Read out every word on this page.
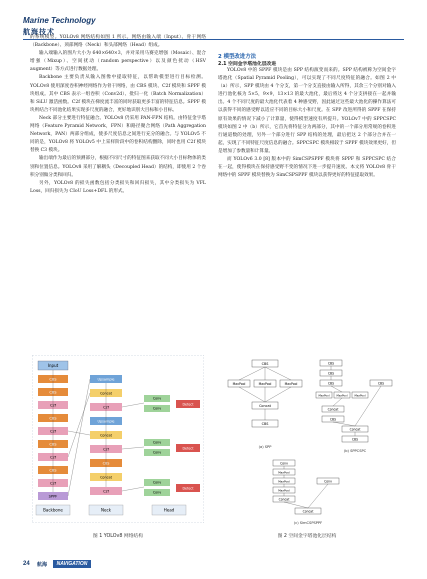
Marine Technology
航海技术

的系统模型。YOLOv8 网络结构如图 1 所示。网络由输入端（Input）、骨干网络（Backbone）、颈部网络（Neck）和头部网络（Head）组成。

输入端输入的图片大小为 640×640×3，并对采用马赛克增强（Mosaic）、混合增强（Mixup）、空间扰动（random perspective）以及颜色扰动（HSV augment）等方式进行数据处理。

Backbone 主要负责从输入图像中提取特征，以帮助模型进行目标检测。YOLOv8 使用深度卷积神经网络作为骨干网络，由 CBS 模块、C2f 模块和 SPPF 模块组成。其中 CBS 表示一组卷积（Conv2d）、批归一化（Batch Normalization）和 SiLU 激活函数。C2f 模块在梯度流丰富的同时获取更多丰富的特征信息。SPPF 模块则结合不同池化结果实现多尺度的融合，更好地识别大目标和小目标。

Neck 部分主要进行特征融合。YOLOv8 仍采用 PAN-FPN 结构。由特征金字塔网络（Feature Pyramid Network，FPN）和路径聚合网络（Path Aggregation Network，PAN）两部分组成，使多尺度信息之间进行充分的融合。与 YOLOv5 不同的是，YOLOv8 将 YOLOv5 中上采样阶段中的卷积结构删除，同时也用 C2f 模块替换 C3 模块。

输出端作为最后的预测部分，根据不同尺寸的特征图来获取不同大小目标物体的类别和位置信息。YOLOv8 采用了解耦头（Decoupled Head）的结构，即使用 2 个卷积分别做分类和回归。

另外，YOLOv8 的损失函数包括分类损失和回归损失，其中分类损失为 VFL Loss，回归损失为 CIoU Loss+DFL 的形式。

2 模型改进方法

2.1 空间金字塔池化层改进

YOLOv8 中的 SPPF 模块是由 SPP 结构演变而来的。SPP 结构被称为空间金字塔池化（Spatial Pyramid Pooling），可以实现了不同尺度特征的融合。如图 2 中（a）所示，SPP 模块由 4 个分支，第一个分支直接由输入所得，其余三个分别对输入进行池化核为 5×5，9×9，13×13 的最大池化，最后将这 4 个分支拼接在一起并输出。4 个不同尺度的最大池化代表着 4 种感受野，因此通过这些最大池化的操作算法可以获得不同的感受野以适应不同的目标大小和尺度。在 SPP 改进所得的 SPPF 在保持原有效果的情况下减小了计算量，使得模型速度有所提升。YOLOv7 中的 SPPCSPC 模块如图 2 中（b）所示，它首先将特征分为两部分，其中的一个部分用常规的卷积进行通道数的处理，另外一个部分进行 SPP 结构的处理，最后把这 2 个部分合并在一起，实现了不同特征尺度信息的融合。SPPCSPC 模块相较于 SPPF 模块效果更好，但是增加了参数量和计算量。

而 YOLOv6 3.0 [8] 版本中的 SimCSPSPPF 模块将 SPPF 和 SPPCSPC 结合在一起，使得模块在保持感受野不变的情况下进一步提升速度。本文将 YOLOv8 骨干网络中的 SPPF 模块替换为 SimCSPSPPF 模块以获得更好的特征提取效果。

Input
CBS
CBS
C2f
CBS
C2f
CBS
C2f
CBS
C2f
SPPF
Backbone
Upsample
Concat
C2f
Upsample
Concat
C2f
CBS
Concat
C2f
Neck
Conv
Conv
Detect
Conv
Conv
Detect
Conv
Conv
Detect
Head
图 1 YOLOv8 网络结构
CBS
MaxPool	MaxPool	MaxPool
Concat
CBS
(a) SPP
CBS
CBS
CBS
MaxPool	MaxPool	MaxPool
Concat
CBS
CBS
Concat
CBS
(b) SPPCSPC
Conv
MaxPool
MaxPool
MaxPool
Concat
Conv
Concat
(c) SimCSPSPPF
图 2 空间金字塔池化层结构
24 航海	NAVIGATION
